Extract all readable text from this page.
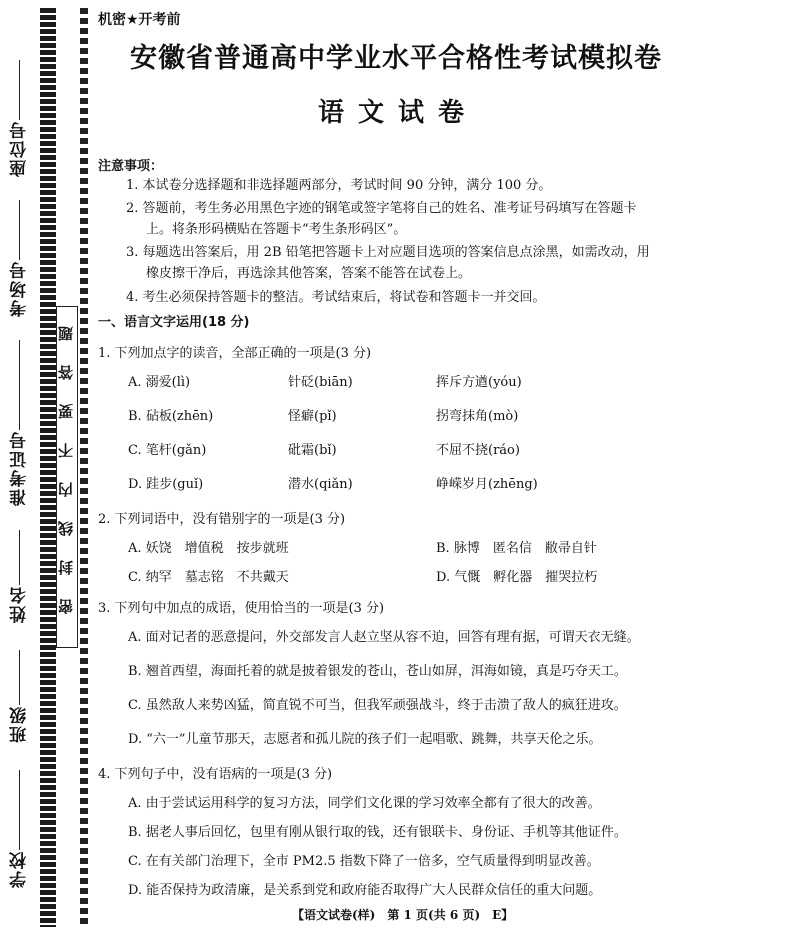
题
答
要
不
内
线
封
密
座位号
考场号
准考证号
姓名
班级
学校
机密★开考前
安徽省普通高中学业水平合格性考试模拟卷
语文试卷
注意事项：
1. 本试卷分选择题和非选择题两部分，考试时间 90 分钟，满分 100 分。
2. 答题前，考生务必用黑色字迹的钢笔或签字笔将自己的姓名、准考证号码填写在答题卡
上。将条形码横贴在答题卡“考生条形码区”。
3. 每题选出答案后，用 2B 铅笔把答题卡上对应题目选项的答案信息点涂黑，如需改动，用
橡皮擦干净后，再选涂其他答案，答案不能答在试卷上。
4. 考生必须保持答题卡的整洁。考试结束后，将试卷和答题卡一并交回。
一、语言文字运用(18 分)
1. 下列加点字的读音，全部正确的一项是(3 分)
A. 溺爱(lì)	针砭(biān)	挥斥方遒(yóu)
B. 砧板(zhēn)	怪癖(pǐ)	拐弯抹角(mò)
C. 笔杆(gǎn)	砒霜(bǐ)	不屈不挠(ráo)
D. 跬步(guǐ)	潜水(qiǎn)	峥嵘岁月(zhēng)
2. 下列词语中，没有错别字的一项是(3 分)
A. 妖饶　增值税　按步就班	B. 脉博　匿名信　敝帚自针
C. 纳罕　墓志铭　不共戴天	D. 气慨　孵化器　摧哭拉朽
3. 下列句中加点的成语，使用恰当的一项是(3 分)
A. 面对记者的恶意提问，外交部发言人赵立坚从容不迫，回答有理有据，可谓天衣无缝。
B. 翘首西望，海面托着的就是披着银发的苍山，苍山如屏，洱海如镜，真是巧夺天工。
C. 虽然敌人来势凶猛，简直锐不可当，但我军顽强战斗，终于击溃了敌人的疯狂进攻。
D. “六一”儿童节那天，志愿者和孤儿院的孩子们一起唱歌、跳舞，共享天伦之乐。
4. 下列句子中，没有语病的一项是(3 分)
A. 由于尝试运用科学的复习方法，同学们文化课的学习效率全都有了很大的改善。
B. 据老人事后回忆，包里有刚从银行取的钱，还有银联卡、身份证、手机等其他证件。
C. 在有关部门治理下，全市 PM2.5 指数下降了一倍多，空气质量得到明显改善。
D. 能否保持为政清廉，是关系到党和政府能否取得广大人民群众信任的重大问题。
【语文试卷(样)　第 1 页(共 6 页)　E】
